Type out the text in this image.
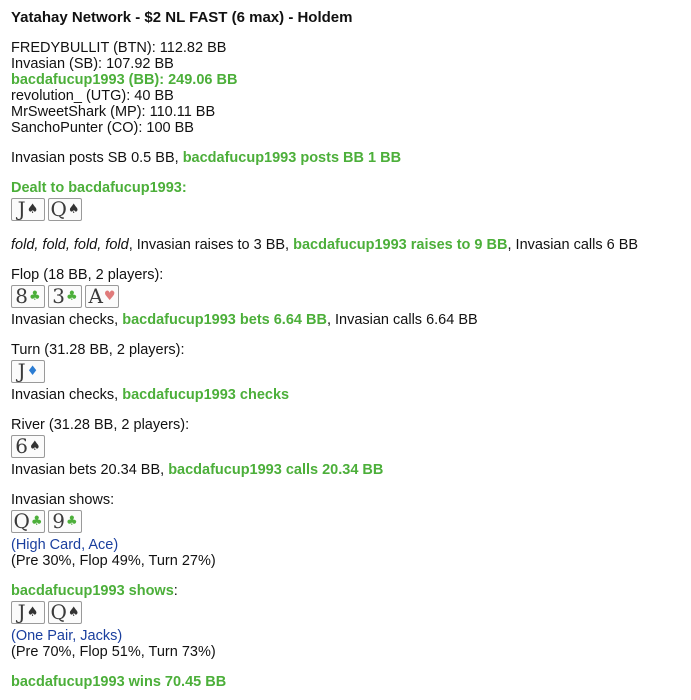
Yatahay Network - $2 NL FAST (6 max) - Holdem
FREDYBULLIT (BTN): 112.82 BB
Invasian (SB): 107.92 BB
bacdafucup1993 (BB): 249.06 BB
revolution_ (UTG): 40 BB
MrSweetShark (MP): 110.11 BB
SanchoPunter (CO): 100 BB
Invasian posts SB 0.5 BB, bacdafucup1993 posts BB 1 BB
Dealt to bacdafucup1993:
J ♠ Q ♠
fold, fold, fold, fold, Invasian raises to 3 BB, bacdafucup1993 raises to 9 BB, Invasian calls 6 BB
Flop (18 BB, 2 players):
8 ♣ 3 ♣ A ♥
Invasian checks, bacdafucup1993 bets 6.64 BB, Invasian calls 6.64 BB
Turn (31.28 BB, 2 players):
J ♦
Invasian checks, bacdafucup1993 checks
River (31.28 BB, 2 players):
6 ♠
Invasian bets 20.34 BB, bacdafucup1993 calls 20.34 BB
Invasian shows:
Q ♣ 9 ♣
(High Card, Ace)
(Pre 30%, Flop 49%, Turn 27%)
bacdafucup1993 shows:
J ♠ Q ♠
(One Pair, Jacks)
(Pre 70%, Flop 51%, Turn 73%)
bacdafucup1993 wins 70.45 BB
